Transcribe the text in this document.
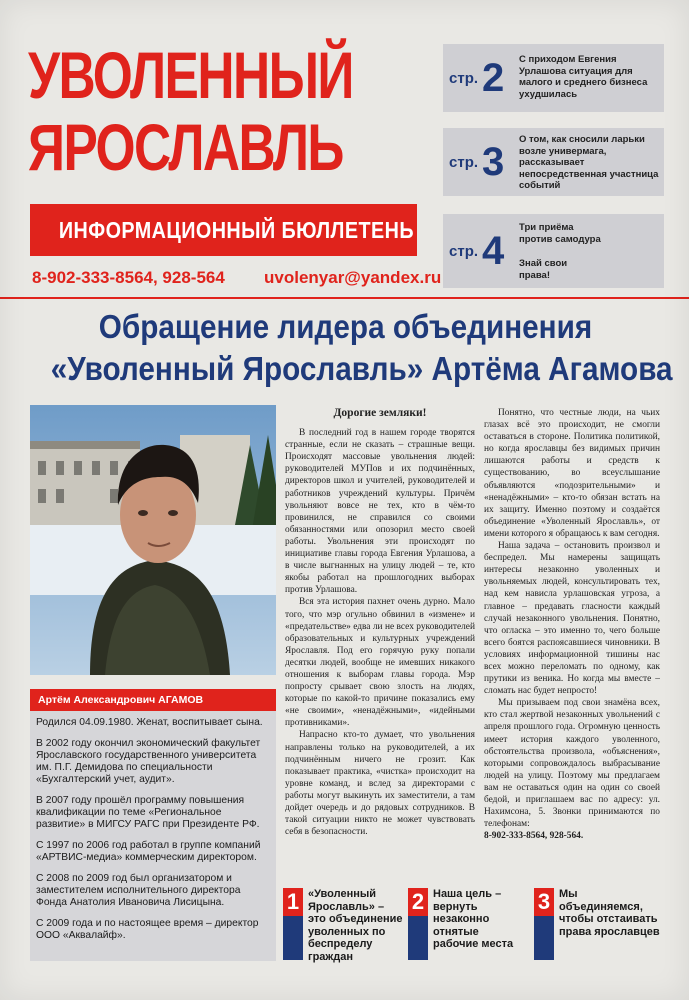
УВОЛЕННЫЙ
ЯРОСЛАВЛЬ
ИНФОРМАЦИОННЫЙ БЮЛЛЕТЕНЬ
8-902-333-8564, 928-564 uvolenyar@yandex.ru
стр. 2 С приходом Евгения Урлашова ситуация для малого и среднего бизнеса ухудшилась
стр. 3
О том, как сносили ларьки возле универмага, рассказывает непосредственная участница событий
стр. 4
Три приёма против самодура
Знай свои права!
Обращение лидера объединения
«Уволенный Ярославль» Артёма Агамова
Артём Александрович АГАМОВ

Родился 04.09.1980. Женат, воспитывает сына.

В 2002 году окончил экономический факультет Ярославского государственного университета им. П.Г. Демидова по специальности «Бухгалтерский учет, аудит».

В 2007 году прошёл программу повышения квалификации по теме «Региональное развитие» в МИГСУ РАГС при Президенте РФ.

С 1997 по 2006 год работал в группе компаний «АРТВИС-медиа» коммерческим директором.

С 2008 по 2009 год был организатором и заместителем исполнительного директора Фонда Анатолия Ивановича Лисицына.

С 2009 года и по настоящее время – директор ООО «Аквалайф».

Дорогие земляки!

В последний год в нашем городе творятся странные, если не сказать – страшные вещи. Происходят массовые увольнения людей: руководителей МУПов и их подчинённых, директоров школ и учителей, руководителей и работников учреждений культуры. Причём увольняют вовсе не тех, кто в чём-то провинился, не справился со своими обязанностями или опозорил место своей работы. Увольнения эти происходят по инициативе главы города Евгения Урлашова, а в числе выгнанных на улицу людей – те, кто якобы работал на прошлогодних выборах против Урлашова.

Вся эта история пахнет очень дурно. Мало того, что мэр огульно обвинил в «измене» и «предательстве» едва ли не всех руководителей образовательных и культурных учреждений Ярославля. Под его горячую руку попали десятки людей, вообще не имевших никакого отношения к выборам главы города. Мэр попросту срывает свою злость на людях, которые по какой-то причине показались ему «не своими», «ненадёжными», «идейными противниками».

Напрасно кто-то думает, что увольнения направлены только на руководителей, а их подчинённым ничего не грозит. Как показывает практика, «чистка» происходит на уровне команд, и вслед за директорами с работы могут выкинуть их заместители, а там дойдет очередь и до рядовых сотрудников. В такой ситуации никто не может чувствовать себя в безопасности.

Понятно, что честные люди, на чьих глазах всё это происходит, не смогли оставаться в стороне. Политика политикой, но когда ярославцы без видимых причин лишаются работы и средств к существованию, во всеуслышание объявляются «подозрительными» и «ненадёжными» – кто-то обязан встать на их защиту. Именно поэтому и создаётся объединение «Уволенный Ярославль», от имени которого я обращаюсь к вам сегодня.

Наша задача – остановить произвол и беспредел. Мы намерены защищать интересы незаконно уволенных и увольняемых людей, консультировать тех, над кем нависла урлашовская угроза, а главное – предавать гласности каждый случай незаконного увольнения. Понятно, что огласка – это именно то, чего больше всего боятся распоясавшиеся чиновники. В условиях информационной тишины нас всех можно переломать по одному, как прутики из веника. Но когда мы вместе – сломать нас будет непросто!

Мы призываем под свои знамёна всех, кто стал жертвой незаконных увольнений с апреля прошлого года. Огромную ценность имеет история каждого уволенного, обстоятельства произвола, «объяснения», которыми сопровождалось выбрасывание людей на улицу. Поэтому мы предлагаем вам не оставаться один на один со своей бедой, и приглашаем вас по адресу: ул. Нахимсона, 5. Звонки принимаются по телефонам:

8-902-333-8564, 928-564.

1 «Уволенный Ярославль» – это объединение уволенных по беспределу граждан
2 Наша цель – вернуть незаконно отнятые рабочие места
3 Мы объединяемся, чтобы отстаивать права ярославцев
